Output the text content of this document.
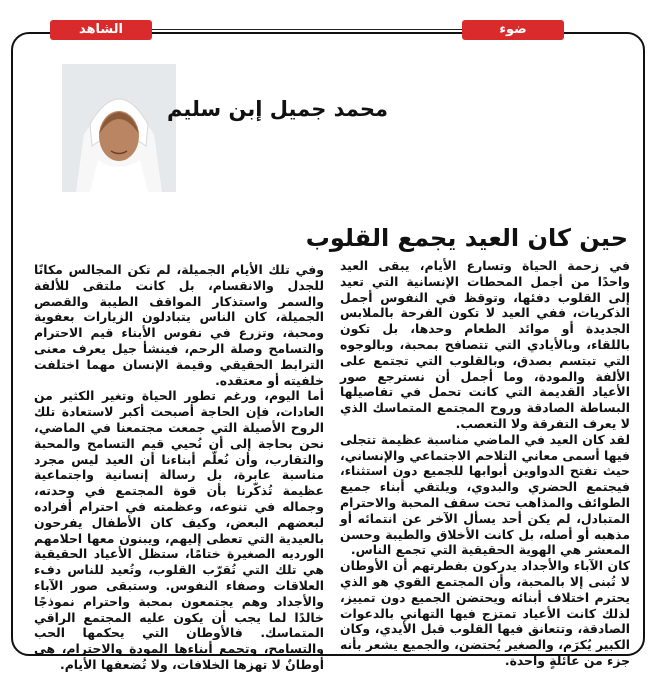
الشاهد	ضوء
محمد جميل إبن سليم
حين كان العيد يجمع القلوب

في زحمة الحياة وتسارع الأيام، يبقى العيد واحدًا من أجمل المحطات الإنسانية التي تعيد إلى القلوب دفئها، وتوقظ في النفوس أجمل الذكريات، ففي العيد لا تكون الفرحة بالملابس الجديدة أو موائد الطعام وحدها، بل تكون باللقاء، وبالأيادي التي تتصافح بمحبة، وبالوجوه التي تبتسم بصدق، وبالقلوب التي تجتمع على الألفة والمودة، وما أجمل أن نسترجع صور الأعياد القديمة التي كانت تحمل في تفاصيلها البساطة الصادقة وروح المجتمع المتماسك الذي لا يعرف التفرقة ولا التعصب.

لقد كان العيد في الماضي مناسبة عظيمة تتجلى فيها أسمى معاني التلاحم الاجتماعي والإنساني، حيث تفتح الدواوين أبوابها للجميع دون استثناء، فيجتمع الحضري والبدوي، ويلتقي أبناء جميع الطوائف والمذاهب تحت سقف المحبة والاحترام المتبادل، لم يكن أحد يسأل الآخر عن انتمائه أو مذهبه أو أصله، بل كانت الأخلاق والطيبة وحسن المعشر هي الهوية الحقيقية التي تجمع الناس.

كان الآباء والأجداد يدركون بفطرتهم أن الأوطان لا تُبنى إلا بالمحبة، وأن المجتمع القوي هو الذي يحترم اختلاف أبنائه ويحتضن الجميع دون تمييز، لذلك كانت الأعياد تمتزج فيها التهاني بالدعوات الصادقة، وتتعانق فيها القلوب قبل الأيدي، وكان الكبير يُكرَم، والصغير يُحتضن، والجميع يشعر بأنه جزء من عائلةٍ واحدة.

وفي تلك الأيام الجميلة، لم تكن المجالس مكانًا للجدل والانقسام، بل كانت ملتقى للألفة والسمر واستذكار المواقف الطيبة والقصص الجميلة، كان الناس يتبادلون الزيارات بعفوية ومحبة، وتزرع في نفوس الأبناء قيم الاحترام والتسامح وصلة الرحم، فينشأ جيل يعرف معنى الترابط الحقيقي وقيمة الإنسان مهما اختلفت خلفيته أو معتقده.

أما اليوم، ورغم تطور الحياة وتغير الكثير من العادات، فإن الحاجة أصبحت أكبر لاستعادة تلك الروح الأصيلة التي جمعت مجتمعنا في الماضي، نحن بحاجة إلى أن نُحيي قيم التسامح والمحبة والتقارب، وأن نُعلّم أبناءنا أن العيد ليس مجرد مناسبة عابرة، بل رسالة إنسانية واجتماعية عظيمة تُذكّرنا بأن قوة المجتمع في وحدته، وجماله في تنوعه، وعظمته في احترام أفراده لبعضهم البعض، وكيف كان الأطفال يفرحون بالعيدية التي تعطى إليهم، ويبنون معها احلامهم الورديه الصغيرة ختامًا، ستظل الأعياد الحقيقية هي تلك التي تُقرّب القلوب، وتُعيد للناس دفء العلاقات وصفاء النفوس. وستبقى صور الآباء والأجداد وهم يجتمعون بمحبة واحترام نموذجًا خالدًا لما يجب أن يكون عليه المجتمع الراقي المتماسك. فالأوطان التي يحكمها الحب والتسامح، وتجمع أبناءها المودة والاحترام، هي أوطانٌ لا تهزها الخلافات، ولا تُضعفها الأيام.
